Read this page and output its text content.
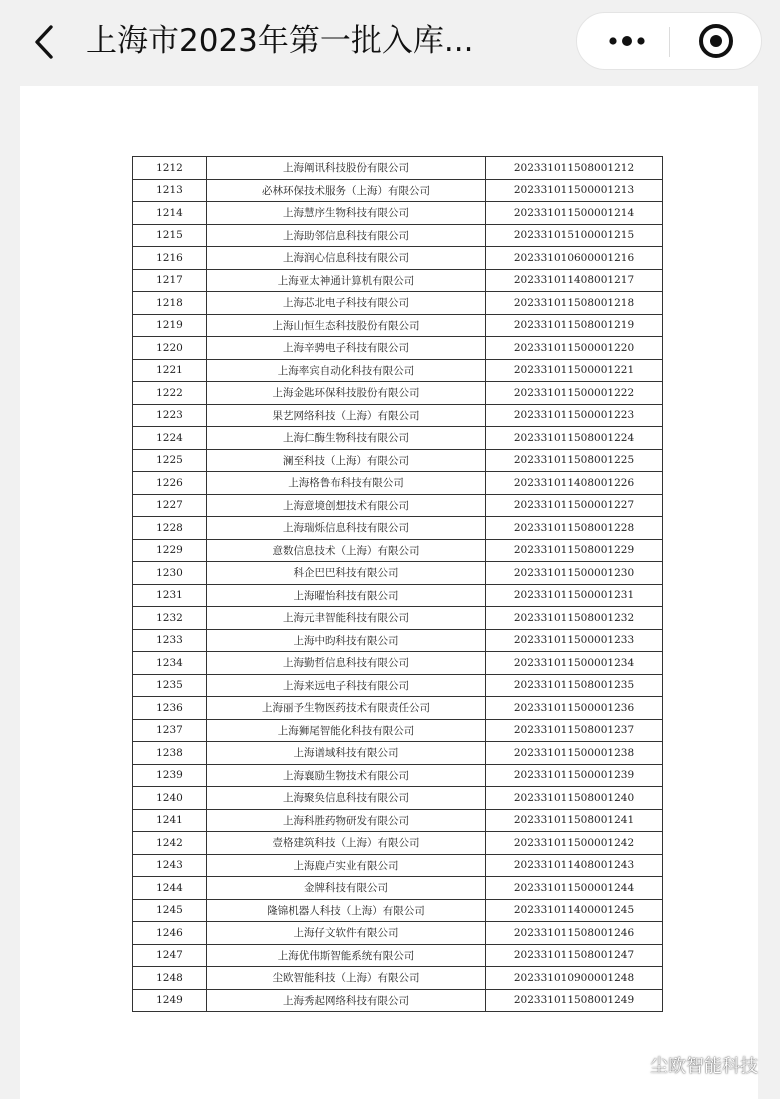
上海市2023年第一批入库...
1212	上海阐讯科技股份有限公司	202331011508001212
1213	必林环保技术服务（上海）有限公司	202331011500001213
1214	上海慧序生物科技有限公司	202331011500001214
1215	上海助邻信息科技有限公司	202331015100001215
1216	上海润心信息科技有限公司	202331010600001216
1217	上海亚太神通计算机有限公司	202331011408001217
1218	上海芯北电子科技有限公司	202331011508001218
1219	上海山恒生态科技股份有限公司	202331011508001219
1220	上海辛骋电子科技有限公司	202331011500001220
1221	上海率宾自动化科技有限公司	202331011500001221
1222	上海金匙环保科技股份有限公司	202331011500001222
1223	果艺网络科技（上海）有限公司	202331011500001223
1224	上海仁酶生物科技有限公司	202331011508001224
1225	澜至科技（上海）有限公司	202331011508001225
1226	上海格鲁布科技有限公司	202331011408001226
1227	上海意境创想技术有限公司	202331011500001227
1228	上海瑞烁信息科技有限公司	202331011508001228
1229	意数信息技术（上海）有限公司	202331011508001229
1230	科企巴巴科技有限公司	202331011500001230
1231	上海曜怡科技有限公司	202331011500001231
1232	上海元聿智能科技有限公司	202331011508001232
1233	上海中昀科技有限公司	202331011500001233
1234	上海勤哲信息科技有限公司	202331011500001234
1235	上海来远电子科技有限公司	202331011508001235
1236	上海丽予生物医药技术有限责任公司	202331011500001236
1237	上海狮尾智能化科技有限公司	202331011508001237
1238	上海谱域科技有限公司	202331011500001238
1239	上海襄励生物技术有限公司	202331011500001239
1240	上海聚奂信息科技有限公司	202331011508001240
1241	上海科胜药物研发有限公司	202331011508001241
1242	壹格建筑科技（上海）有限公司	202331011500001242
1243	上海鹿卢实业有限公司	202331011408001243
1244	金牌科技有限公司	202331011500001244
1245	隆锦机器人科技（上海）有限公司	202331011400001245
1246	上海仔文软件有限公司	202331011508001246
1247	上海优伟斯智能系统有限公司	202331011508001247
1248	尘欧智能科技（上海）有限公司	202331010900001248
1249	上海秀起网络科技有限公司	202331011508001249
尘欧智能科技
